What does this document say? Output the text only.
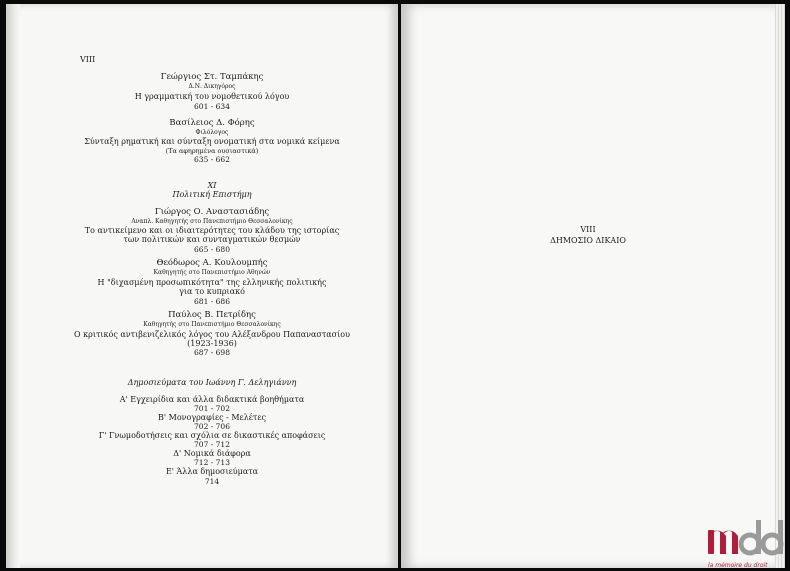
VIII
Γεώργιος Στ. Ταμπάκης
Δ.Ν. Δικηγόρος
Η γραμματική του νομοθετικού λόγου
601 - 634
Βασίλειος Δ. Φόρης
Φιλόλογος
Σύνταξη ρηματική και σύνταξη ονοματική στα νομικά κείμενα
(Τα αφηρημένα ουσιαστικά)
635 - 662
XI
Πολιτική Επιστήμη
Γιώργος Ο. Αναστασιάδης
Αναπλ. Καθηγητής στο Πανεπιστήμιο Θεσσαλονίκης
Το αντικείμενο και οι ιδιαιτερότητες του κλάδου της ιστορίας
των πολιτικών και συνταγματικών θεσμών
665 - 680
Θεόδωρος Α. Κουλουμπής
Καθηγητής στο Πανεπιστήμιο Αθηνών
Η "διχασμένη προσωπικότητα" της ελληνικής πολιτικής
για το κυπριακό
681 - 686
Παύλος Β. Πετρίδης
Καθηγητής στο Πανεπιστήμιο Θεσσαλονίκης
Ο κριτικός αντιβενιζελικός λόγος του Αλέξανδρου Παπαναστασίου
(1923-1936)
687 - 698
Δημοσιεύματα του Ιωάννη Γ. Δεληγιάννη
Α' Εγχειρίδια και άλλα διδακτικά βοηθήματα
701 - 702
Β' Μονογραφίες - Μελέτες
702 - 706
Γ' Γνωμοδοτήσεις και σχόλια σε δικαστικές αποφάσεις
707 - 712
Δ' Νομικά διάφορα
712 - 713
Ε' Άλλα δημοσιεύματα
714
VIII
ΔΗΜΟΣΙΟ ΔΙΚΑΙΟ
la mémoire du droit
